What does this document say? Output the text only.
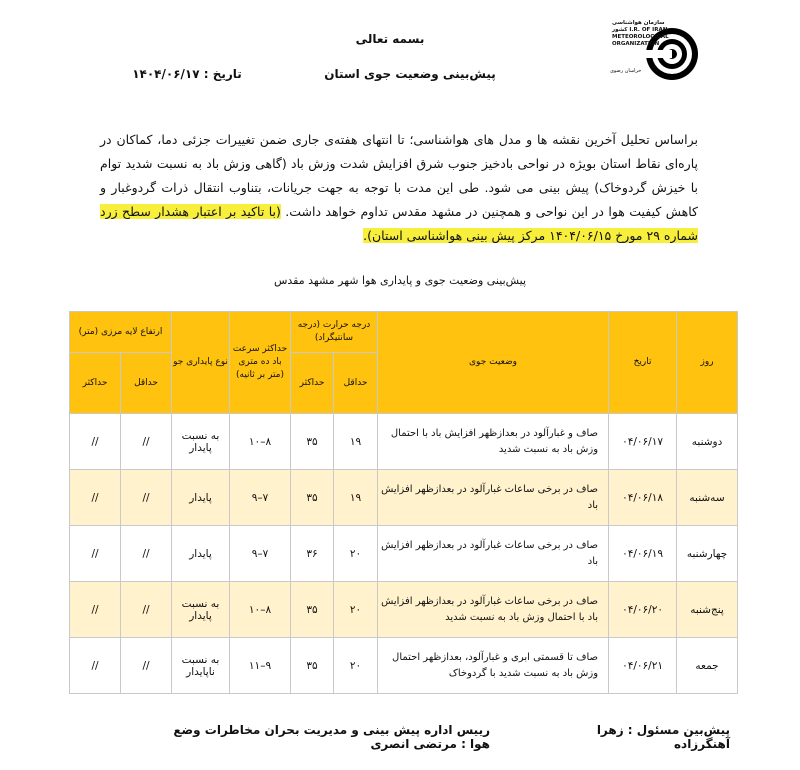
سازمان هواشناسی کشور I.R. OF IRAN METEOROLOGICAL ORGANIZATION
خراسان رضوی
بسمه تعالی
پیش‌بینی وضعیت جوی استان
تاریخ : ۱۴۰۴/۰۶/۱۷
براساس تحلیل آخرین نقشه ها و مدل های هواشناسی؛ تا انتهای هفته‌ی جاری ضمن تغییرات جزئی دما، کماکان در پاره‌ای نقاط استان بویژه در نواحی بادخیز جنوب شرق افزایش شدت وزش باد (گاهی وزش باد به نسبت شدید توام با خیزش گردوخاک) پیش بینی می شود. طی این مدت با توجه به جهت جریانات، بتناوب انتقال ذرات گردوغبار و کاهش کیفیت هوا در این نواحی و همچنین در مشهد مقدس تداوم خواهد داشت. (با تاکید بر اعتبار هشدار سطح زرد شماره ۲۹ مورخ ۱۴۰۴/۰۶/۱۵ مرکز پیش بینی هواشناسی استان).
پیش‌بینی وضعیت جوی و پایداری هوا شهر مشهد مقدس
روز	تاریخ	وضعیت جوی	درجه حرارت (درجه سانتیگراد)		حداکثر سرعت باد ده متری (متر بر ثانیه)	نوع پایداری جو	ارتفاع لایه مرزی (متر)	
			حداقل	حداکثر			حداقل	حداکثر
دوشنبه	۰۴/۰۶/۱۷	صاف و غبارآلود در بعدازظهر افزایش باد با احتمال وزش باد به نسبت شدید	۱۹	۳۵	۸–۱۰	به نسبت پایدار	//	//
سه‌شنبه	۰۴/۰۶/۱۸	صاف در برخی ساعات غبارآلود در بعدازظهر افزایش باد	۱۹	۳۵	۷–۹	پایدار	//	//
چهارشنبه	۰۴/۰۶/۱۹	صاف در برخی ساعات غبارآلود در بعدازظهر افزایش باد	۲۰	۳۶	۷–۹	پایدار	//	//
پنج‌شنبه	۰۴/۰۶/۲۰	صاف در برخی ساعات غبارآلود در بعدازظهر افزایش باد با احتمال وزش باد به نسبت شدید	۲۰	۳۵	۸–۱۰	به نسبت پایدار	//	//
جمعه	۰۴/۰۶/۲۱	صاف تا قسمتی ابری و غبارآلود، بعدازظهر احتمال وزش باد به نسبت شدید با گردوخاک	۲۰	۳۵	۹–۱۱	به نسبت ناپایدار	//	//
پیش‌بین مسئول : زهرا آهنگرزاده
رییس اداره پیش بینی و مدیریت بحران مخاطرات وضع هوا : مرتضی انصری
